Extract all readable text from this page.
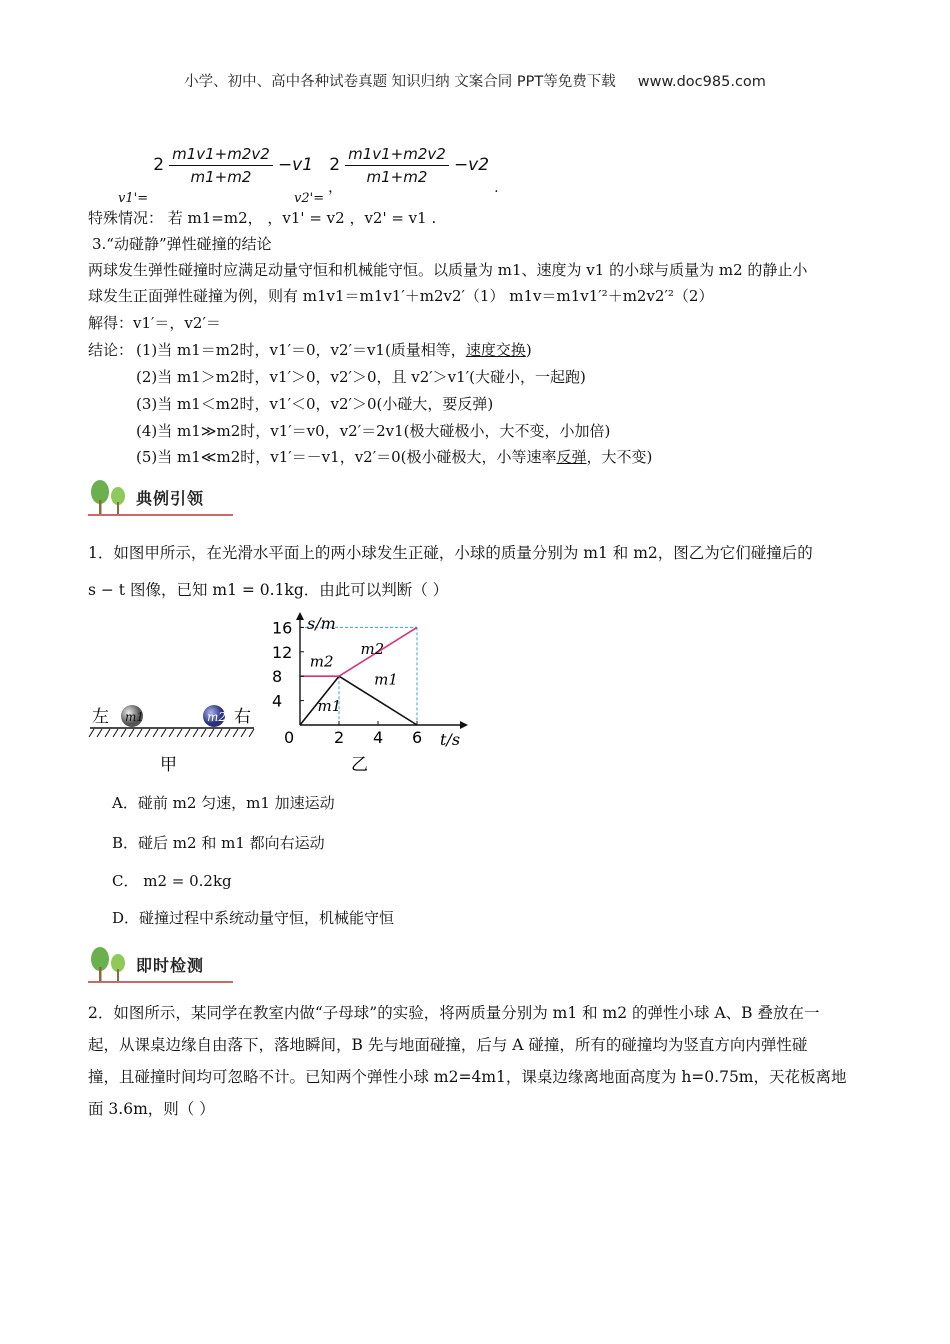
小学、初中、高中各种试卷真题 知识归纳 文案合同 PPT等免费下载 www.doc985.com
$_{v1'=}$ $2 \frac{m1v1+m2v2}{m1+m2} -v1$ ，
$_{v2'=}$ $2 \frac{m1v1+m2v2}{m1+m2} -v2$ .
特殊情况： 若 m1=m2， ，v1' = v2 ，v2' = v1 .
3.“动碰静”弹性碰撞的结论
两球发生弹性碰撞时应满足动量守恒和机械能守恒。以质量为 m1、速度为 v1 的小球与质量为 m2 的静止小
球发生正面弹性碰撞为例，则有 m1v1＝m1v1′＋m2v2′（1） m1v＝m1v1′²＋m2v2′²（2）
解得：v1′＝，v2′＝
结论： (1)当 m1＝m2时，v1′＝0，v2′＝v1(质量相等，速度交换)
(2)当 m1＞m2时，v1′＞0，v2′＞0，且 v2′＞v1′(大碰小，一起跑)
(3)当 m1＜m2时，v1′＜0，v2′＞0(小碰大，要反弹)
(4)当 m1≫m2时，v1′＝v0，v2′＝2v1(极大碰极小，大不变，小加倍)
(5)当 m1≪m2时，v1′＝－v1，v2′＝0(极小碰极大，小等速率反弹，大不变)
典例引领
1．如图甲所示，在光滑水平面上的两小球发生正碰，小球的质量分别为 m1 和 m2，图乙为它们碰撞后的
s − t 图像，已知 m1 = 0.1kg．由此可以判断（ ）
左	右
m1	m2
甲
4
8
12
16
2 4 6
m2
m2
m1
m1
s/m
t/s
0
乙
A．碰前 m2 匀速，m1 加速运动
B．碰后 m2 和 m1 都向右运动
C． m2 = 0.2kg
D．碰撞过程中系统动量守恒，机械能守恒
即时检测
2．如图所示，某同学在教室内做“子母球”的实验，将两质量分别为 m1 和 m2 的弹性小球 A、B 叠放在一
起，从课桌边缘自由落下，落地瞬间，B 先与地面碰撞，后与 A 碰撞，所有的碰撞均为竖直方向内弹性碰
撞，且碰撞时间均可忽略不计。已知两个弹性小球 m2=4m1，课桌边缘离地面高度为 h=0.75m，天花板离地
面 3.6m，则（ ）
